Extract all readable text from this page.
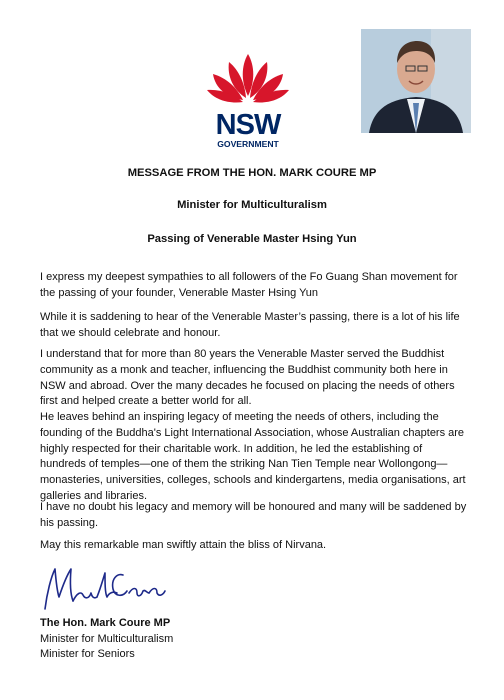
NSW
GOVERNMENT
MESSAGE FROM THE HON. MARK COURE MP
Minister for Multiculturalism
Passing of Venerable Master Hsing Yun

I express my deepest sympathies to all followers of the Fo Guang Shan movement for the passing of your founder, Venerable Master Hsing Yun

While it is saddening to hear of the Venerable Master’s passing, there is a lot of his life that we should celebrate and honour.

I understand that for more than 80 years the Venerable Master served the Buddhist community as a monk and teacher, influencing the Buddhist community both here in NSW and abroad. Over the many decades he focused on placing the needs of others first and helped create a better world for all.

He leaves behind an inspiring legacy of meeting the needs of others, including the founding of the Buddha's Light International Association, whose Australian chapters are highly respected for their charitable work. In addition, he led the establishing of hundreds of temples—one of them the striking Nan Tien Temple near Wollongong—monasteries, universities, colleges, schools and kindergartens, media organisations, art galleries and libraries.

I have no doubt his legacy and memory will be honoured and many will be saddened by his passing.

May this remarkable man swiftly attain the bliss of Nirvana.

The Hon. Mark Coure MP
Minister for Multiculturalism
Minister for Seniors
